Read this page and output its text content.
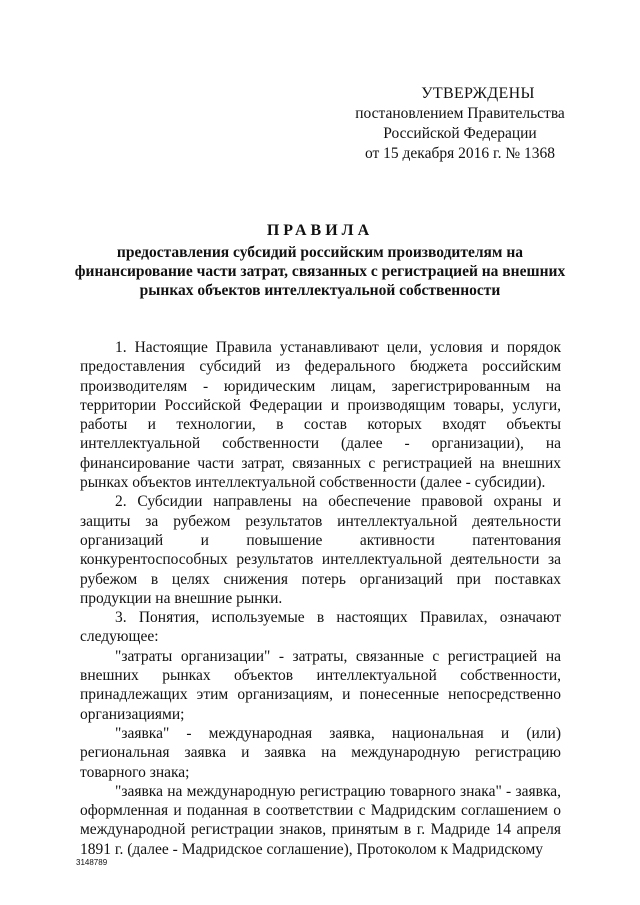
УТВЕРЖДЕНЫ
постановлением Правительства
Российской Федерации
от 15 декабря 2016 г. № 1368
ПРАВИЛА
предоставления субсидий российским производителям на финансирование части затрат, связанных с регистрацией на внешних рынках объектов интеллектуальной собственности

1. Настоящие Правила устанавливают цели, условия и порядок предоставления субсидий из федерального бюджета российским производителям - юридическим лицам, зарегистрированным на территории Российской Федерации и производящим товары, услуги, работы и технологии, в состав которых входят объекты интеллектуальной собственности (далее - организации), на финансирование части затрат, связанных с регистрацией на внешних рынках объектов интеллектуальной собственности (далее - субсидии).

2. Субсидии направлены на обеспечение правовой охраны и защиты за рубежом результатов интеллектуальной деятельности организаций и повышение активности патентования конкурентоспособных результатов интеллектуальной деятельности за рубежом в целях снижения потерь организаций при поставках продукции на внешние рынки.

3. Понятия, используемые в настоящих Правилах, означают следующее:

"затраты организации" - затраты, связанные с регистрацией на внешних рынках объектов интеллектуальной собственности, принадлежащих этим организациям, и понесенные непосредственно организациями;

"заявка" - международная заявка, национальная и (или) региональная заявка и заявка на международную регистрацию товарного знака;

"заявка на международную регистрацию товарного знака" - заявка, оформленная и поданная в соответствии с Мадридским соглашением о международной регистрации знаков, принятым в г. Мадриде 14 апреля 1891 г. (далее - Мадридское соглашение), Протоколом к Мадридскому

3148789
